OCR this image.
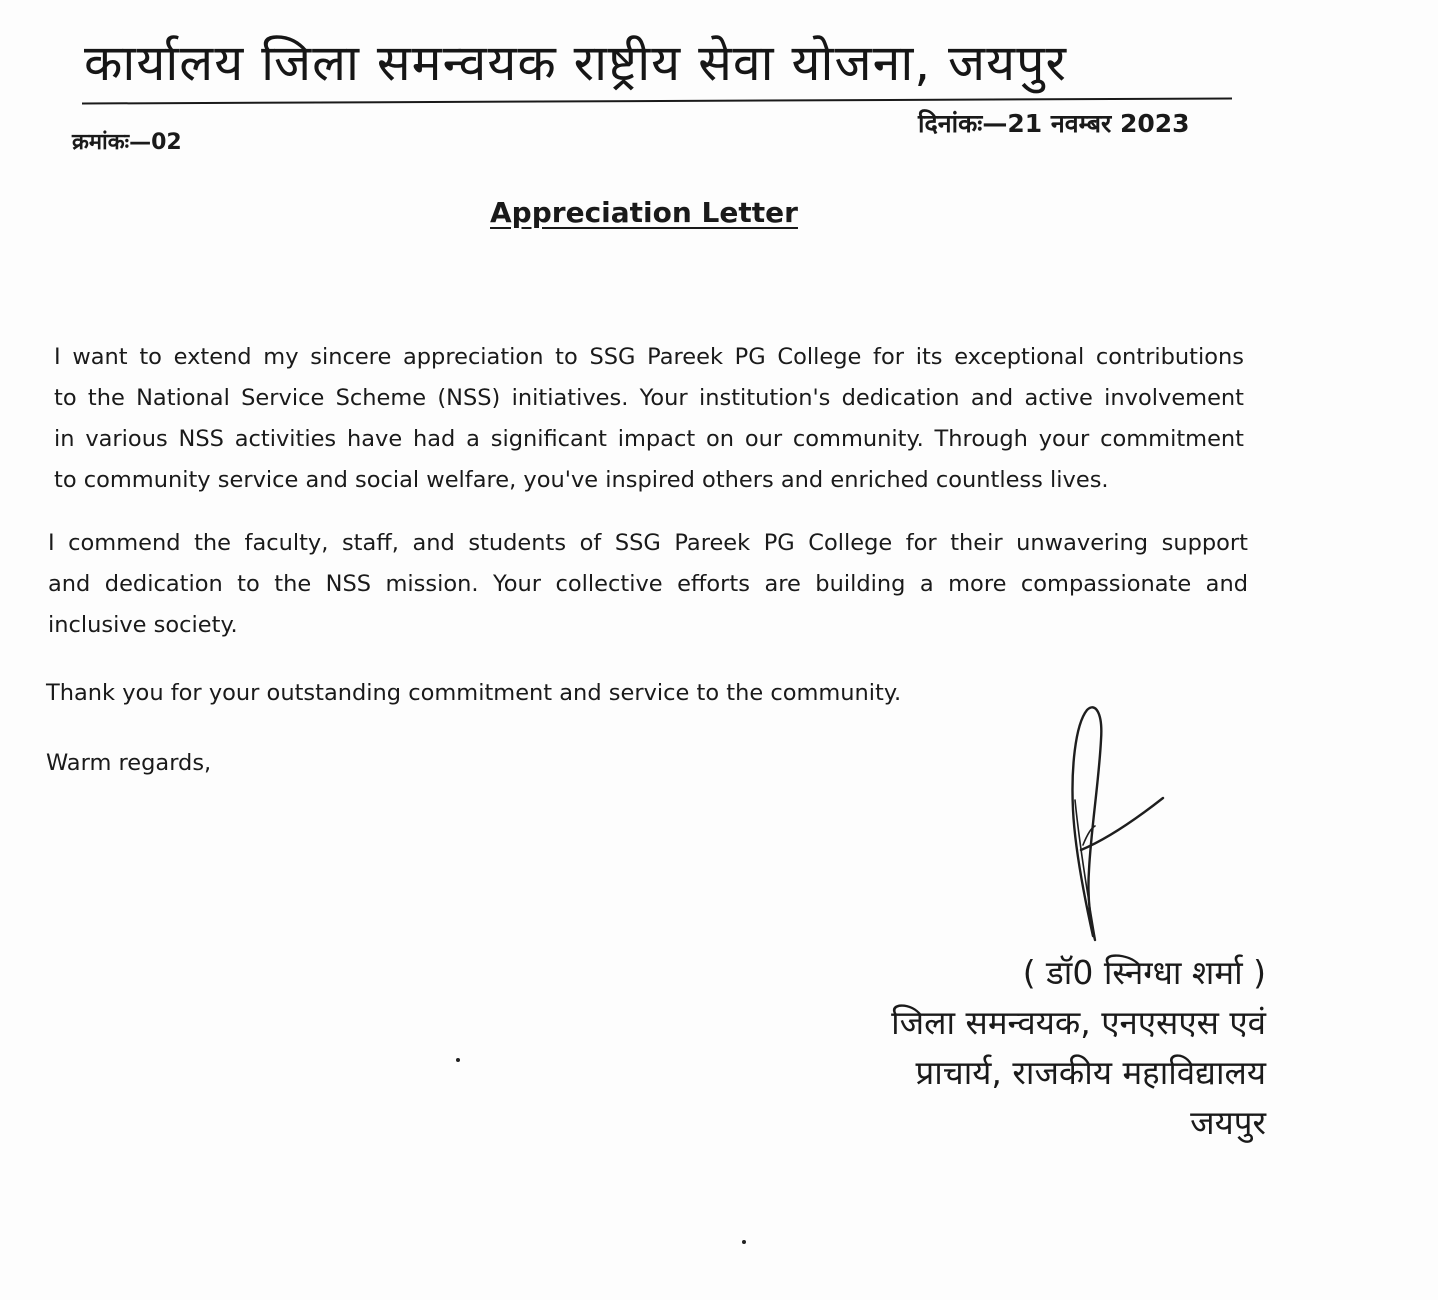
कार्यालय जिला समन्वयक राष्ट्रीय सेवा योजना, जयपुर
क्रमांकः—02
दिनांकः—21 नवम्बर 2023
Appreciation Letter
I want to extend my sincere appreciation to SSG Pareek PG College for its exceptional contributions
to the National Service Scheme (NSS) initiatives. Your institution's dedication and active involvement
in various NSS activities have had a significant impact on our community. Through your commitment
to community service and social welfare, you've inspired others and enriched countless lives.
I commend the faculty, staff, and students of SSG Pareek PG College for their unwavering support
and dedication to the NSS mission. Your collective efforts are building a more compassionate and
inclusive society.
Thank you for your outstanding commitment and service to the community.
Warm regards,
( डॉ0 स्निग्धा शर्मा )
जिला समन्वयक, एनएसएस एवं
प्राचार्य, राजकीय महाविद्यालय
जयपुर
